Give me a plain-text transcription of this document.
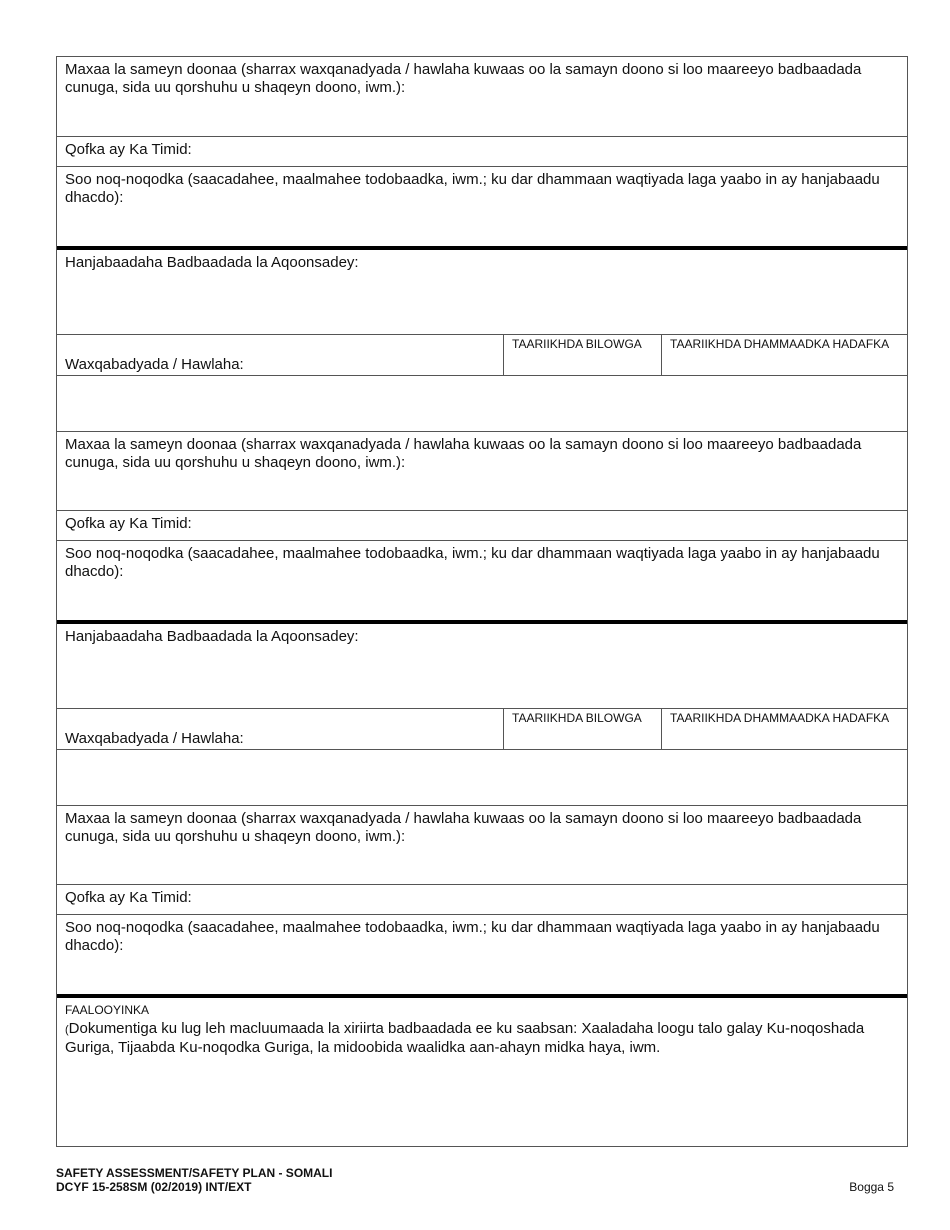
Maxaa la sameyn doonaa (sharrax waxqanadyada / hawlaha kuwaas oo la samayn doono si loo maareeyo badbaadada cunuga, sida uu qorshuhu u shaqeyn doono, iwm.):
Qofka ay Ka Timid:
Soo noq-noqodka (saacadahee, maalmahee todobaadka, iwm.; ku dar dhammaan waqtiyada laga yaabo in ay hanjabaadu dhacdo):
Hanjabaadaha Badbaadada la Aqoonsadey:
Waxqabadyada / Hawlaha:
TAARIIKHDA BILOWGA TAARIIKHDA DHAMMAADKA HADAFKA
Maxaa la sameyn doonaa (sharrax waxqanadyada / hawlaha kuwaas oo la samayn doono si loo maareeyo badbaadada cunuga, sida uu qorshuhu u shaqeyn doono, iwm.):
Qofka ay Ka Timid:
Soo noq-noqodka (saacadahee, maalmahee todobaadka, iwm.; ku dar dhammaan waqtiyada laga yaabo in ay hanjabaadu dhacdo):
Hanjabaadaha Badbaadada la Aqoonsadey:
Waxqabadyada / Hawlaha:
TAARIIKHDA BILOWGA TAARIIKHDA DHAMMAADKA HADAFKA
Maxaa la sameyn doonaa (sharrax waxqanadyada / hawlaha kuwaas oo la samayn doono si loo maareeyo badbaadada cunuga, sida uu qorshuhu u shaqeyn doono, iwm.):
Qofka ay Ka Timid:
Soo noq-noqodka (saacadahee, maalmahee todobaadka, iwm.; ku dar dhammaan waqtiyada laga yaabo in ay hanjabaadu dhacdo):
FAALOOYINKA
(Dokumentiga ku lug leh macluumaada la xiriirta badbaadada ee ku saabsan: Xaaladaha loogu talo galay Ku-noqoshada Guriga, Tijaabda Ku-noqodka Guriga, la midoobida waalidka aan-ahayn midka haya, iwm.
SAFETY ASSESSMENT/SAFETY PLAN - SOMALI
DCYF 15-258SM (02/2019) INT/EXT	Bogga 5
